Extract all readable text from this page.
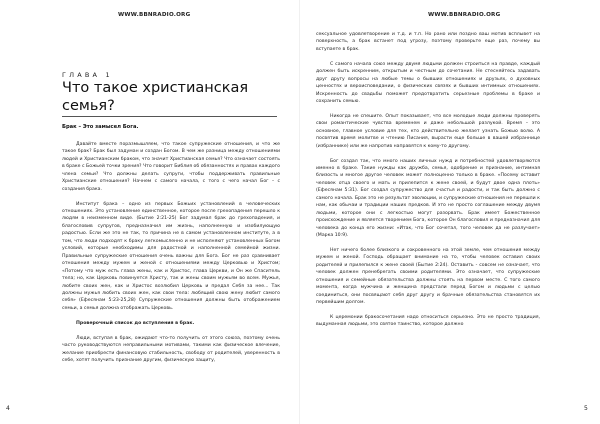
WWW.BBNRADIO.ORG
ГЛАВА 1
Что такое христианская семья?
Брак – Это замысел Бога.

Давайте вместе поразмышляем, что такое супружеские отношения, и что же такое брак? Брак был задуман и создан Богом. В чем же разница между отношениями людей и Христианским браком, что значит Христианская семья? Что означает состоять в браке с Божьей точки зрения? Что говорит Библия об обязанностях и правах каждого члена семьи? Что должны делать супруги, чтобы поддерживать правильные Христианские отношения? Начнем с самого начала, с того с чего начал Бог – с создания брака.

Институт брака – одно из первых Божьих установлений в человеческих отношениях. Это установление единственное, которое после грехопадения перешло к людям в неизменном виде. (Бытие 2:21-25) Бог задумал брак до грехопадения, и благословив супругов, предназначил им жизнь, наполненную и изобилующую радостью. Если же это не так, то причина не в самом установленном институте, а в том, что люди подходят к браку легкомысленно и не исполняют установленных Богом условий, которые необходимы для радостной и наполненной семейной жизни. Правильные супружеские отношения очень важны для Бога. Бог не раз сравнивает отношения между мужем и женой с отношениями между Церковью и Христом; «Потому что муж есть глава жены, как и Христос, глава Церкви, и Он же Спаситель тела; но, как Церковь повинуется Христу, так и жены своим мужьям во всем. Мужья, любите своих жен, как и Христос возлюбил Церковь и предал Себя за нее... Так должны мужья любить своих жен, как свои тела: любящий свою жену любит самого себя» (Ефесянам 5:23-25,28) Супружеские отношения должны быть отображением семьи, а семья должна отображать Церковь.

Проверочный список до вступления в брак.

Люди, вступая в брак, ожидают что-то получить от этого союза, поэтому очень часто руководствуются неправильными мотивами, такими как физическое влечение, желание приобрести финансовую стабильность, свободу от родителей, уверенность в себе, хотят получить признание другим, физическую защиту,

4
WWW.BBNRADIO.ORG

сексуальное удовлетворение и т.д. и т.п. Но рано или поздно ваш мотив всплывет на поверхность, а брак встанет под угрозу, поэтому проверьте еще раз, почему вы вступаете в брак.

С самого начала союз между двумя людьми должен строиться на правде, каждый должен быть искренним, открытым и честным до сочетания. Не стесняйтесь задавать друг другу вопросы на любые темы о бывших отношениях и друзьях, о духовных ценностях и вероисповедании, о физических связях и бывших интимных отношениях. Искренность до свадьбы поможет предотвратить серьезные проблемы в браке и сохранить семью.

Никогда не спешите. Опыт показывает, что все молодые люди должны проверять свои романтические чувства временем и даже небольшой разлукой. Время – это основное, главное условие для тех, кто действительно желает узнать Божью волю. А посвятив время молитве и чтению Писания, вырасти еще больше в вашей избраннице (избраннике) или же напротив направятся к кому-то другому.

Бог создал так, что много наших личных нужд и потребностей удовлетворяются именно в браке. Такие нужды как дружба, семья, одобрение и признание, интимная близость и многое другое человек может полноценно только в браке. «Посему оставит человек отца своего и мать и прилепится к жене своей, и будут двое одна плоть» (Ефесянам 5:31). Бог создал супружество для счастья и радости, и так быть должно с самого начала. Брак это не результат эволюции, и супружеские отношения не перешли к нам, как обычаи и традиции наших предков. И это не просто соглашение между двумя людьми, которое они с легкостью могут разорвать. Брак имеет Божественное происхождение и является творением Бога, которое Он благословил и предназначил для человека до конца его жизни: «Итак, что Бог сочетал, того человек да не разлучает» (Марка 10:9).

Нет ничего более близкого и сокровенного на этой земле, чем отношения между мужем и женой. Господь обращает внимание на то, чтобы человек оставил своих родителей и прилепился к жене своей (Бытие 2:24). Оставить - совсем не означает, что человек должен пренебрегать своими родителями. Это означает, что супружеские отношения и семейные обязательства должны стоять на первом месте. С того самого момента, когда мужчина и женщина предстали перед Богом и людьми с целью соединиться, они посвящают себя друг другу и брачные обязательства становятся их первейшим долгом.

К церемонии бракосочетания надо относиться серьезно. Это не просто традиция, выдуманная людьми, это святое таинство, которое должно

5
